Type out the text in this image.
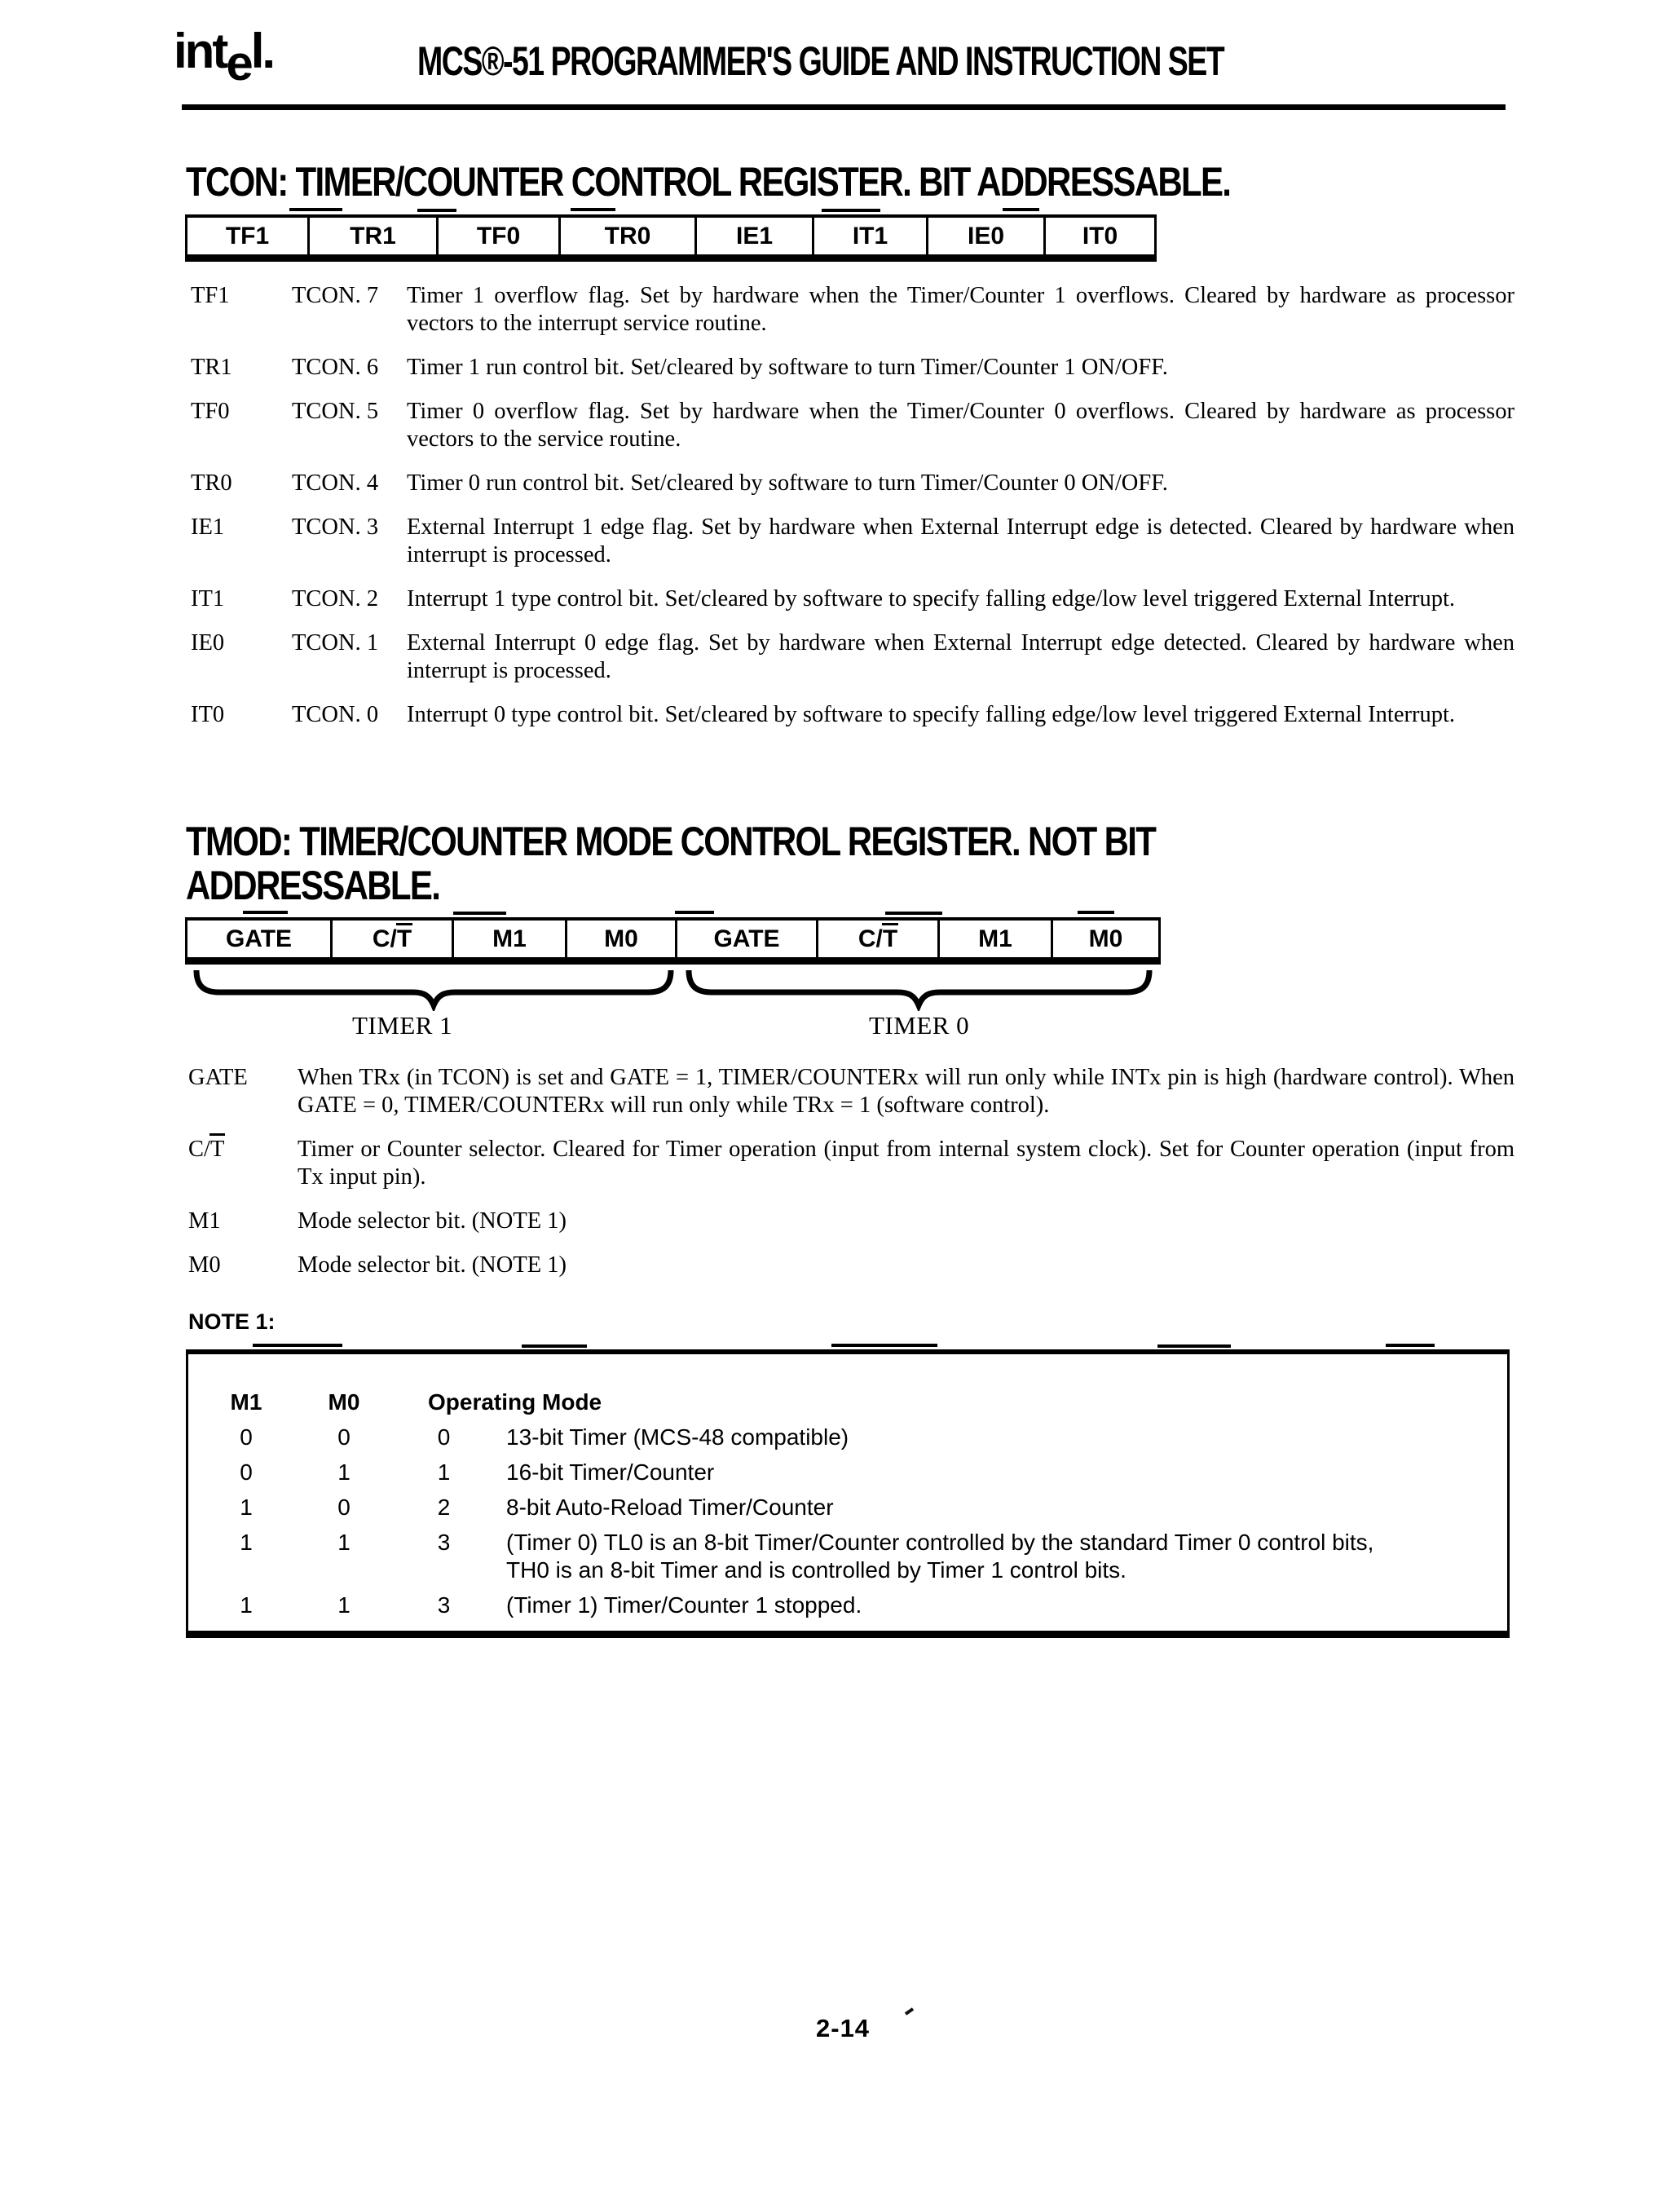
intel.	MCS®-51 PROGRAMMER'S GUIDE AND INSTRUCTION SET
TCON: TIMER/COUNTER CONTROL REGISTER. BIT ADDRESSABLE.
TF1	TR1	TF0	TR0	IE1	IT1	IE0	IT0
TF1	TCON. 7	Timer 1 overflow flag. Set by hardware when the Timer/Counter 1 overflows. Cleared by hardware as processor vectors to the interrupt service routine.
TR1	TCON. 6	Timer 1 run control bit. Set/cleared by software to turn Timer/Counter 1 ON/OFF.
TF0	TCON. 5	Timer 0 overflow flag. Set by hardware when the Timer/Counter 0 overflows. Cleared by hardware as processor vectors to the service routine.
TR0	TCON. 4	Timer 0 run control bit. Set/cleared by software to turn Timer/Counter 0 ON/OFF.
IE1	TCON. 3	External Interrupt 1 edge flag. Set by hardware when External Interrupt edge is detected. Cleared by hardware when interrupt is processed.
IT1	TCON. 2	Interrupt 1 type control bit. Set/cleared by software to specify falling edge/low level triggered External Interrupt.
IE0	TCON. 1	External Interrupt 0 edge flag. Set by hardware when External Interrupt edge detected. Cleared by hardware when interrupt is processed.
IT0	TCON. 0	Interrupt 0 type control bit. Set/cleared by software to specify falling edge/low level triggered External Interrupt.
TMOD: TIMER/COUNTER MODE CONTROL REGISTER. NOT BIT
ADDRESSABLE.
GATE	C/T	M1	M0	GATE	C/T	M1	M0
TIMER 1	TIMER 0
GATE	When TRx (in TCON) is set and GATE = 1, TIMER/COUNTERx will run only while INTx pin is high (hardware control). When GATE = 0, TIMER/COUNTERx will run only while TRx = 1 (software control).
C/T	Timer or Counter selector. Cleared for Timer operation (input from internal system clock). Set for Counter operation (input from Tx input pin).
M1	Mode selector bit. (NOTE 1)
M0	Mode selector bit. (NOTE 1)
NOTE 1:
M1	M0	Operating Mode
0	0	0	13-bit Timer (MCS-48 compatible)
0	1	1	16-bit Timer/Counter
1	0	2	8-bit Auto-Reload Timer/Counter
1	1	3	(Timer 0) TL0 is an 8-bit Timer/Counter controlled by the standard Timer 0 control bits, TH0 is an 8-bit Timer and is controlled by Timer 1 control bits.
1	1	3	(Timer 1) Timer/Counter 1 stopped.
2-14
